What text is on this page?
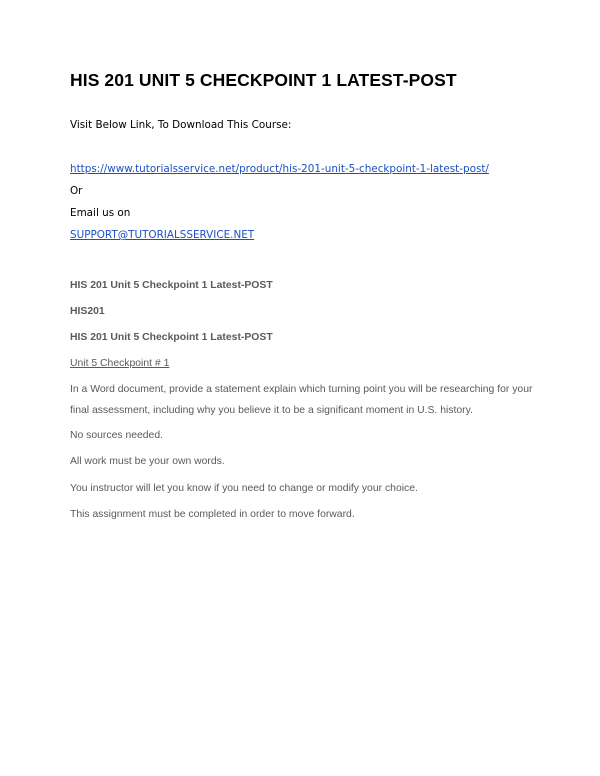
HIS 201 UNIT 5 CHECKPOINT 1 LATEST-POST

Visit Below Link, To Download This Course:

https://www.tutorialsservice.net/product/his-201-unit-5-checkpoint-1-latest-post/

Or

Email us on

SUPPORT@TUTORIALSSERVICE.NET

HIS 201 Unit 5 Checkpoint 1 Latest-POST

HIS201

HIS 201 Unit 5 Checkpoint 1 Latest-POST

Unit 5 Checkpoint # 1

In a Word document, provide a statement explain which turning point you will be researching for your final assessment, including why you believe it to be a significant moment in U.S. history.

No sources needed.

All work must be your own words.

You instructor will let you know if you need to change or modify your choice.

This assignment must be completed in order to move forward.
